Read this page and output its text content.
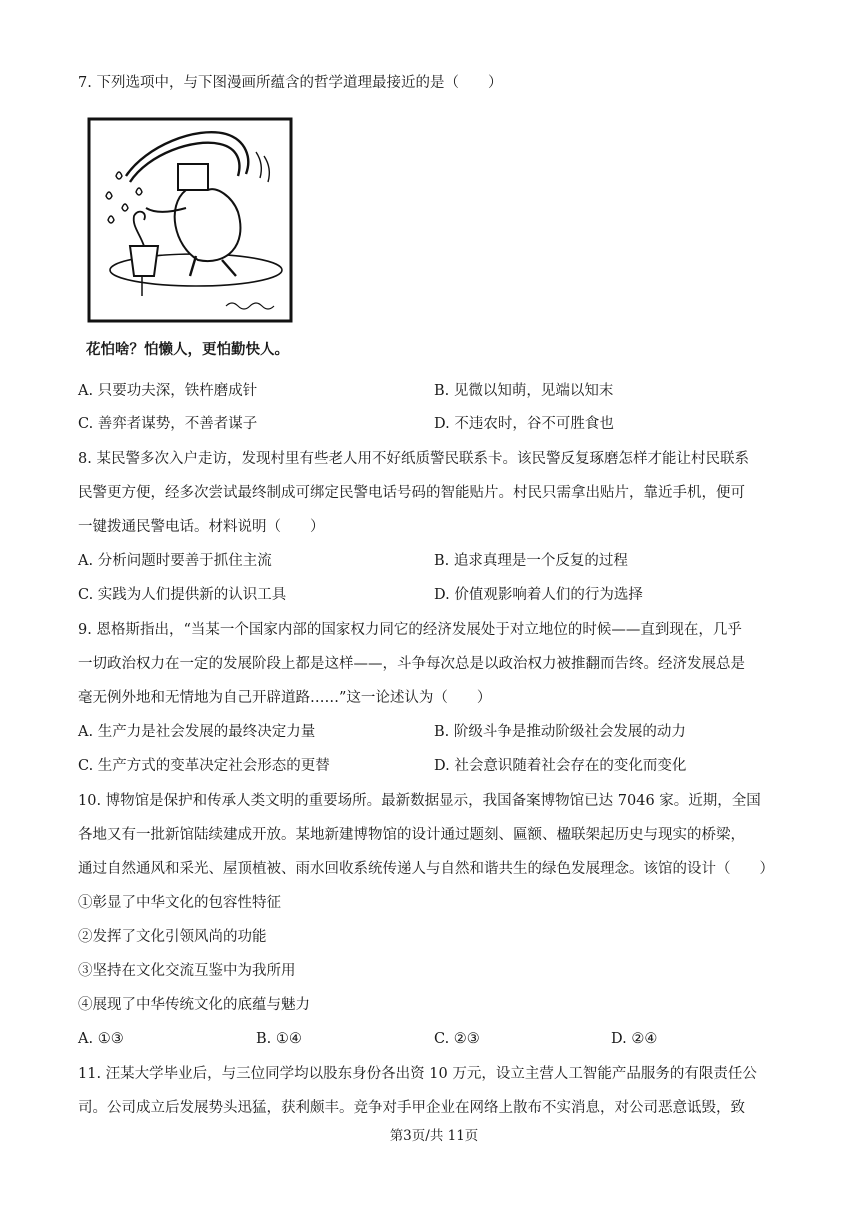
7. 下列选项中，与下图漫画所蕴含的哲学道理最接近的是（　　）
花怕啥？怕懒人，更怕勤快人。
A. 只要功夫深，铁杵磨成针	B. 见微以知萌，见端以知末
C. 善弈者谋势，不善者谋子	D. 不违农时，谷不可胜食也
8. 某民警多次入户走访，发现村里有些老人用不好纸质警民联系卡。该民警反复琢磨怎样才能让村民联系
民警更方便，经多次尝试最终制成可绑定民警电话号码的智能贴片。村民只需拿出贴片，靠近手机，便可
一键拨通民警电话。材料说明（　　）
A. 分析问题时要善于抓住主流	B. 追求真理是一个反复的过程
C. 实践为人们提供新的认识工具	D. 价值观影响着人们的行为选择
9. 恩格斯指出，“当某一个国家内部的国家权力同它的经济发展处于对立地位的时候——直到现在，几乎
一切政治权力在一定的发展阶段上都是这样——，斗争每次总是以政治权力被推翻而告终。经济发展总是
毫无例外地和无情地为自己开辟道路……”这一论述认为（　　）
A. 生产力是社会发展的最终决定力量	B. 阶级斗争是推动阶级社会发展的动力
C. 生产方式的变革决定社会形态的更替	D. 社会意识随着社会存在的变化而变化
10. 博物馆是保护和传承人类文明的重要场所。最新数据显示，我国备案博物馆已达 7046 家。近期，全国
各地又有一批新馆陆续建成开放。某地新建博物馆的设计通过题刻、匾额、楹联架起历史与现实的桥梁，
通过自然通风和采光、屋顶植被、雨水回收系统传递人与自然和谐共生的绿色发展理念。该馆的设计（　　）
①彰显了中华文化的包容性特征
②发挥了文化引领风尚的功能
③坚持在文化交流互鉴中为我所用
④展现了中华传统文化的底蕴与魅力
A. ①③	B. ①④	C. ②③	D. ②④
11. 汪某大学毕业后，与三位同学均以股东身份各出资 10 万元，设立主营人工智能产品服务的有限责任公
司。公司成立后发展势头迅猛，获利颇丰。竞争对手甲企业在网络上散布不实消息，对公司恶意诋毁，致
第3页/共 11页
